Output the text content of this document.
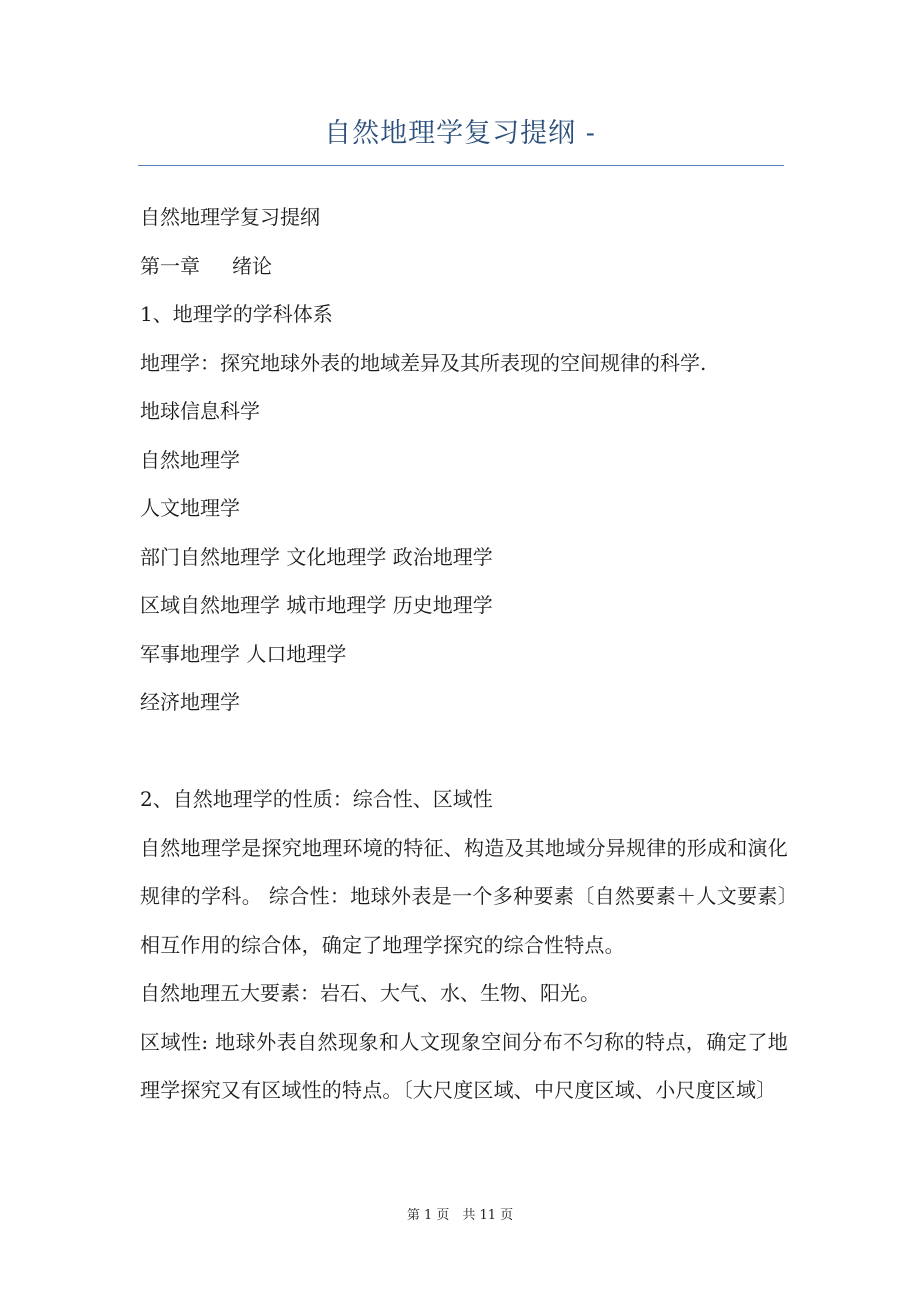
自然地理学复习提纲 -

自然地理学复习提纲

第一章 绪论

1、地理学的学科体系

地理学：探究地球外表的地域差异及其所表现的空间规律的科学.

地球信息科学

自然地理学

人文地理学

部门自然地理学 文化地理学 政治地理学

区域自然地理学 城市地理学 历史地理学

军事地理学 人口地理学

经济地理学

2、自然地理学的性质：综合性、区域性

自然地理学是探究地理环境的特征、构造及其地域分异规律的形成和演化规律的学科。 综合性：地球外表是一个多种要素〔自然要素＋人文要素〕相互作用的综合体，确定了地理学探究的综合性特点。

自然地理五大要素：岩石、大气、水、生物、阳光。

区域性: 地球外表自然现象和人文现象空间分布不匀称的特点，确定了地理学探究又有区域性的特点。〔大尺度区域、中尺度区域、小尺度区域〕

第 1 页　共 11 页
